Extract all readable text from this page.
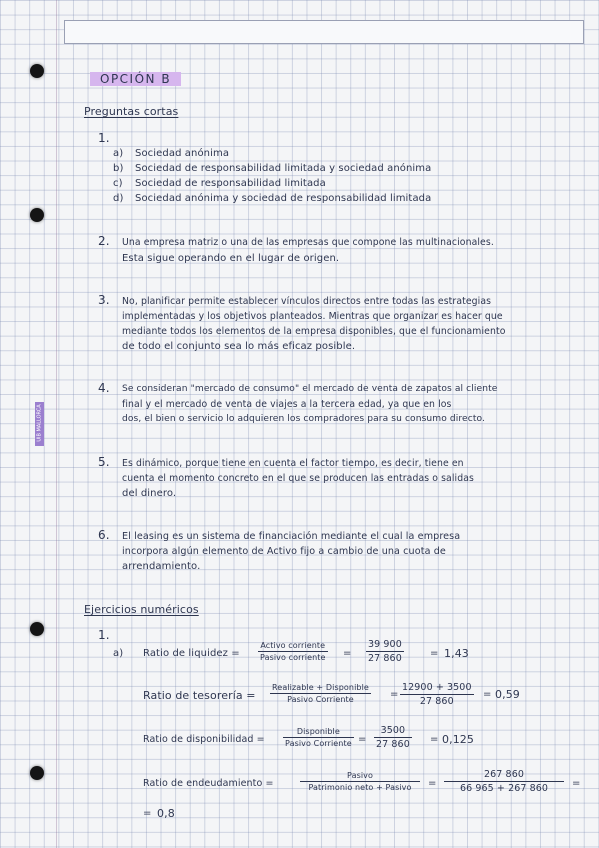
UIB MALLORCA
OPCIÓN B
Preguntas cortas
1.
a) Sociedad anónima
b) Sociedad de responsabilidad limitada y sociedad anónima
c) Sociedad de responsabilidad limitada
d) Sociedad anónima y sociedad de responsabilidad limitada
2. Una empresa matriz o una de las empresas que compone las multinacionales.
Esta sigue operando en el lugar de origen.
3. No, planificar permite establecer vínculos directos entre todas las estrategias
implementadas y los objetivos planteados. Mientras que organizar es hacer que
mediante todos los elementos de la empresa disponibles, que el funcionamiento
de todo el conjunto sea lo más eficaz posible.
4. Se consideran "mercado de consumo" el mercado de venta de zapatos al cliente
final y el mercado de venta de viajes a la tercera edad, ya que en los
dos, el bien o servicio lo adquieren los compradores para su consumo directo.
5. Es dinámico, porque tiene en cuenta el factor tiempo, es decir, tiene en
cuenta el momento concreto en el que se producen las entradas o salidas
del dinero.
6. El leasing es un sistema de financiación mediante el cual la empresa
incorpora algún elemento de Activo fijo a cambio de una cuota de
arrendamiento.
Ejercicios numéricos
1.
a) Ratio de liquidez =
Activo corriente
Pasivo corriente =
39 900
27 860	= 1,43
Ratio de tesorería =
Realizable + Disponible
Pasivo Corriente	=
12900 + 3500
27 860
= 0,59
Ratio de disponibilidad =
Disponible
Pasivo Corriente =
3500
27 860 = 0,125
Ratio de endeudamiento =
Pasivo
Patrimonio neto + Pasivo	=
267 860
66 965 + 267 860	=
= 0,8
